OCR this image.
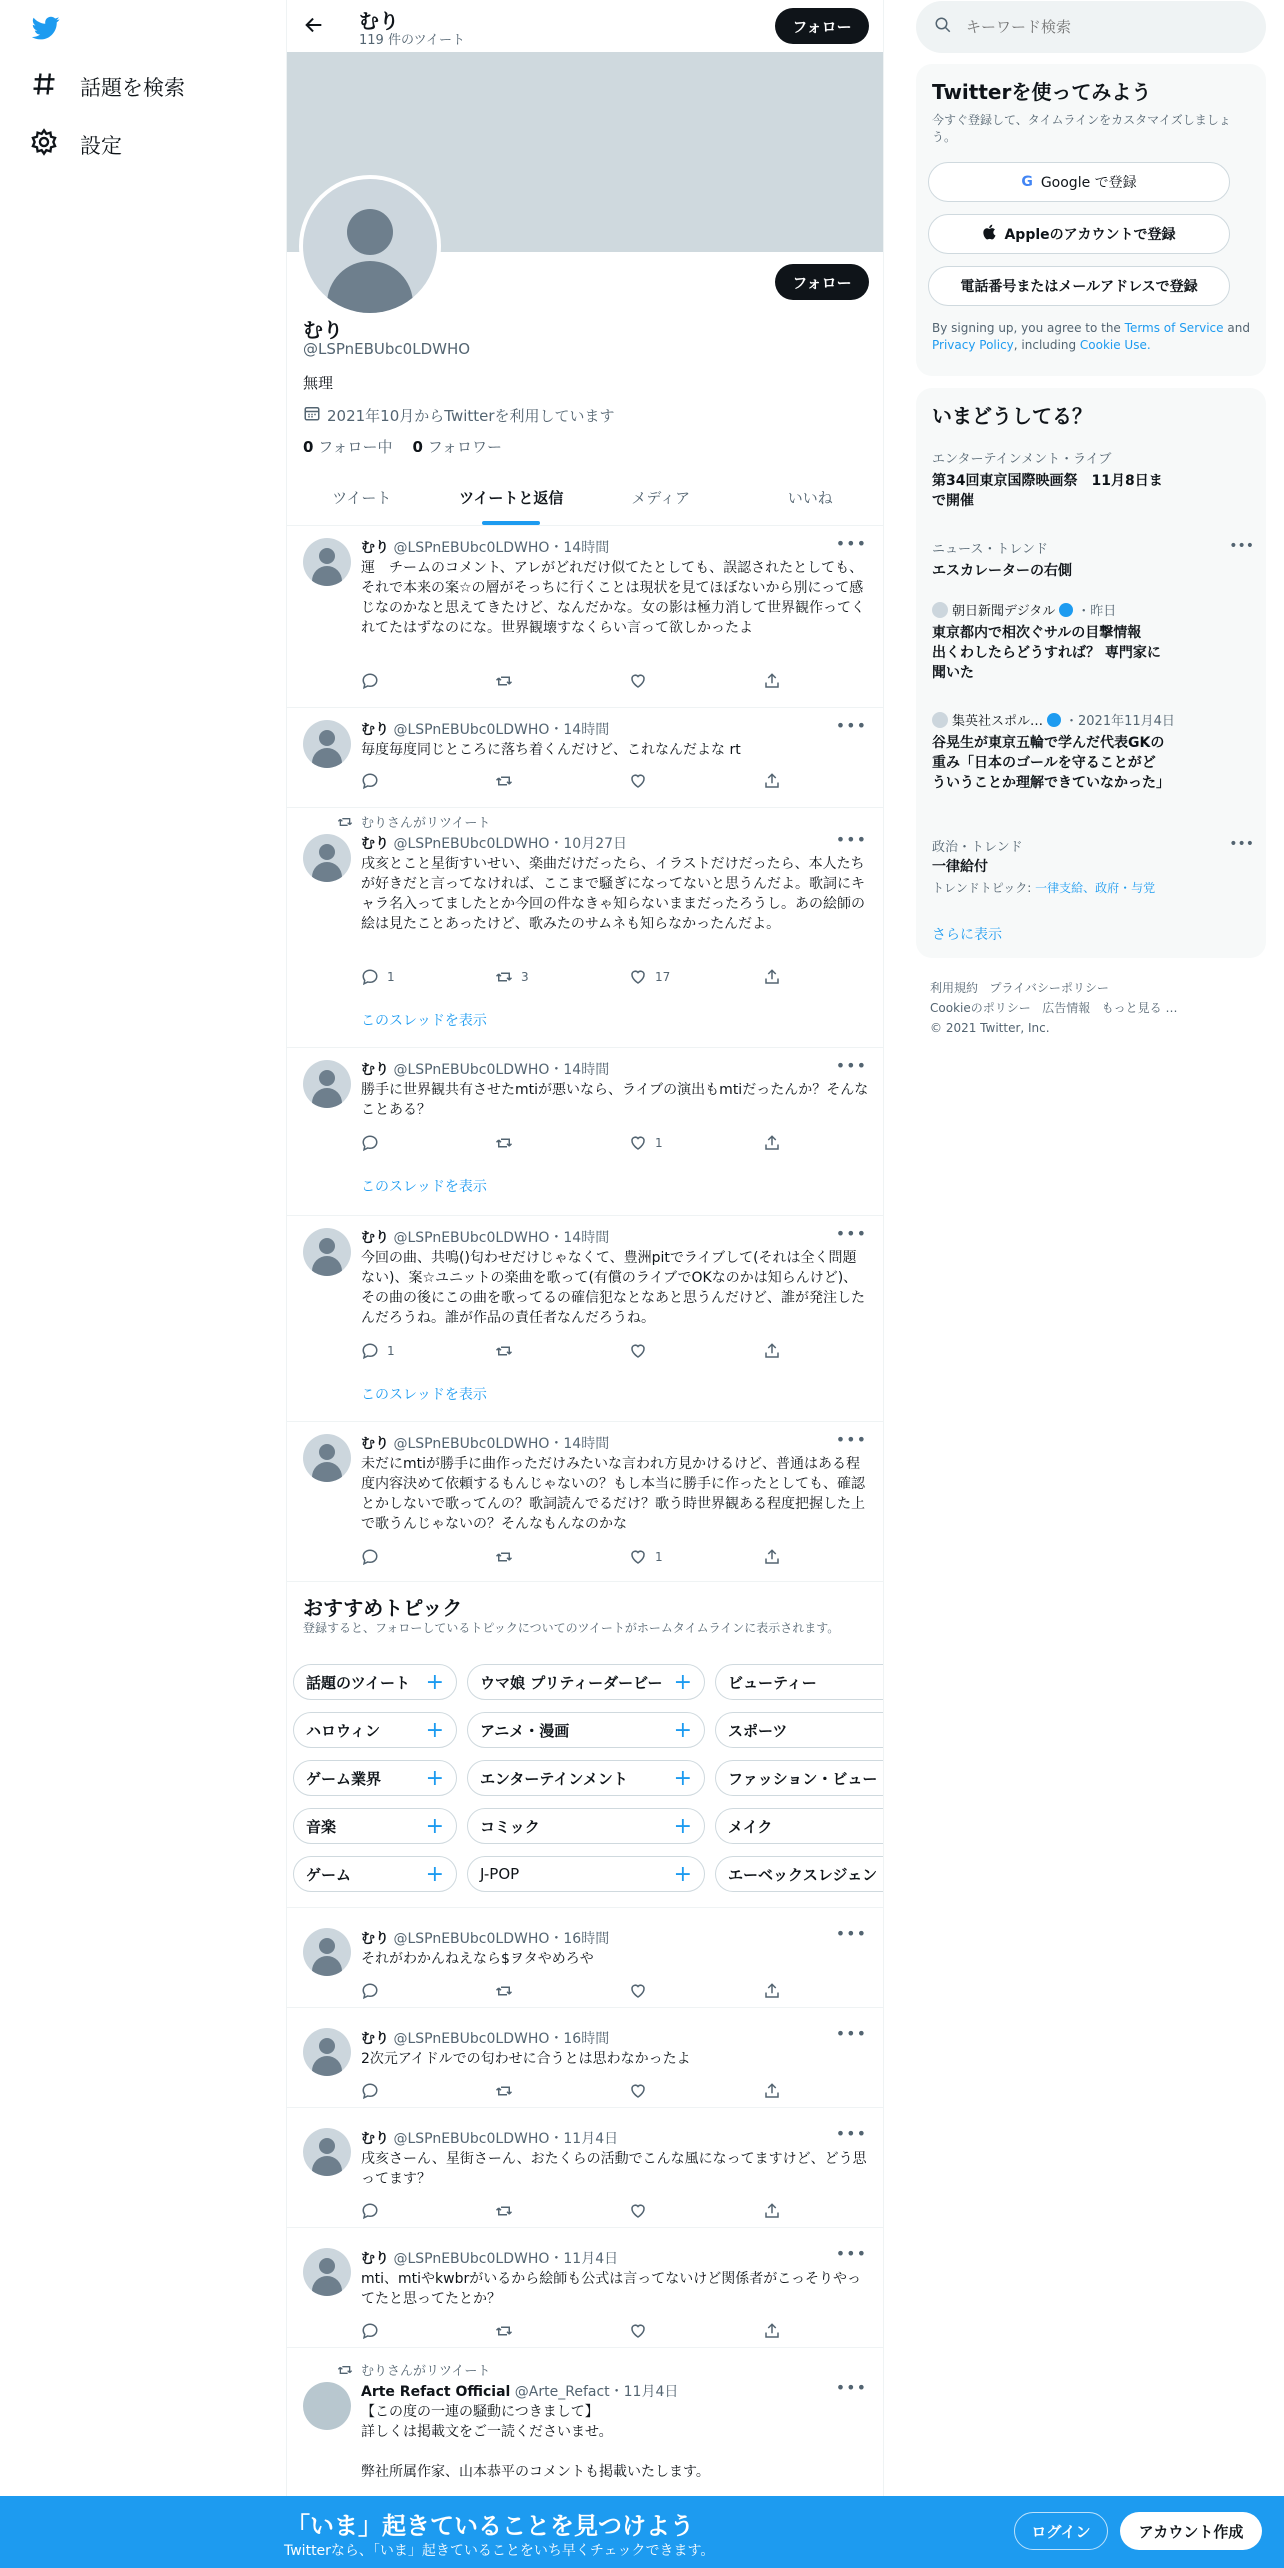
話題を検索
設定
むり
119 件のツイート
フォロー
フォロー
むり
@LSPnEBUbc0LDWHO
無理
2021年10月からTwitterを利用しています
0 フォロー中 0 フォロワー
ツイート	ツイートと返信	メディア	いいね
むり @LSPnEBUbc0LDWHO・14時間	•••
運　チームのコメント、アレがどれだけ似てたとしても、誤認されたとしても、それで本来の案☆の層がそっちに行くことは現状を見てほぼないから別にって感じなのかなと思えてきたけど、なんだかな。女の影は極力消して世界観作ってくれてたはずなのにな。世界観壊すなくらい言って欲しかったよ
むり @LSPnEBUbc0LDWHO・14時間	•••
毎度毎度同じところに落ち着くんだけど、これなんだよな rt
むりさんがリツイート
むり @LSPnEBUbc0LDWHO・10月27日	•••
戌亥とこと星街すいせい、楽曲だけだったら、イラストだけだったら、本人たちが好きだと言ってなければ、ここまで騒ぎになってないと思うんだよ。歌詞にキャラ名入ってましたとか今回の件なきゃ知らないままだったろうし。あの絵師の絵は見たことあったけど、歌みたのサムネも知らなかったんだよ。
1	3	17
このスレッドを表示
むり @LSPnEBUbc0LDWHO・14時間	•••
勝手に世界観共有させたmtiが悪いなら、ライブの演出もmtiだったんか？そんなことある？
1
このスレッドを表示
むり @LSPnEBUbc0LDWHO・14時間	•••
今回の曲、共鳴()匂わせだけじゃなくて、豊洲pitでライブして(それは全く問題ない)、案☆ユニットの楽曲を歌って(有償のライブでOKなのかは知らんけど)、その曲の後にこの曲を歌ってるの確信犯なとなあと思うんだけど、誰が発注したんだろうね。誰が作品の責任者なんだろうね。
1
このスレッドを表示
むり @LSPnEBUbc0LDWHO・14時間	•••
未だにmtiが勝手に曲作っただけみたいな言われ方見かけるけど、普通はある程度内容決めて依頼するもんじゃないの？もし本当に勝手に作ったとしても、確認とかしないで歌ってんの？歌詞読んでるだけ？歌う時世界観ある程度把握した上で歌うんじゃないの？そんなもんなのかな
1
おすすめトピック
登録すると、フォローしているトピックについてのツイートがホームタイムラインに表示されます。
話題のツイート + ウマ娘 プリティーダービー + ビューティー
ハロウィン + アニメ・漫画	+ スポーツ
ゲーム業界 + エンターテインメント + ファッション・ビュー
音楽	+ コミック	+ メイク
ゲーム	+ J-POP	+ エーベックスレジェン
むり @LSPnEBUbc0LDWHO・16時間	•••
それがわかんねえなら$ヲタやめろや
むり @LSPnEBUbc0LDWHO・16時間	•••
2次元アイドルでの匂わせに合うとは思わなかったよ
むり @LSPnEBUbc0LDWHO・11月4日	•••
戌亥さーん、星街さーん、おたくらの活動でこんな風になってますけど、どう思ってます？
むり @LSPnEBUbc0LDWHO・11月4日	•••
mti、mtiやkwbrがいるから絵師も公式は言ってないけど関係者がこっそりやってたと思ってたとか？
むりさんがリツイート
Arte Refact Official @Arte_Refact・11月4日	•••
【この度の一連の騒動につきまして】
詳しくは掲載文をご一読くださいませ。
弊社所属作家、山本恭平のコメントも掲載いたします。
キーワード検索
Twitterを使ってみよう
今すぐ登録して、タイムラインをカスタマイズしましょう。
G Google で登録
Appleのアカウントで登録
電話番号またはメールアドレスで登録
By signing up, you agree to the Terms of Service and Privacy Policy, including Cookie Use.
いまどうしてる？
エンターテインメント・ライブ
第34回東京国際映画祭　11月8日まで開催
ニュース・トレンド
エスカレーターの右側
•••
朝日新聞デジタル ・昨日
東京都内で相次ぐサルの目撃情報　出くわしたらどうすれば？ 専門家に聞いた
集英社スポル… ・2021年11月4日
谷晃生が東京五輪で学んだ代表GKの重み「日本のゴールを守ることがどういうことか理解できていなかった」
政治・トレンド
一律給付
トレンドトピック: 一律支給、政府・与党
•••
さらに表示
利用規約 プライバシーポリシー
Cookieのポリシー 広告情報 もっと見る …
© 2021 Twitter, Inc.
「いま」起きていることを見つけよう
Twitterなら、「いま」起きていることをいち早くチェックできます。
ログイン	アカウント作成
